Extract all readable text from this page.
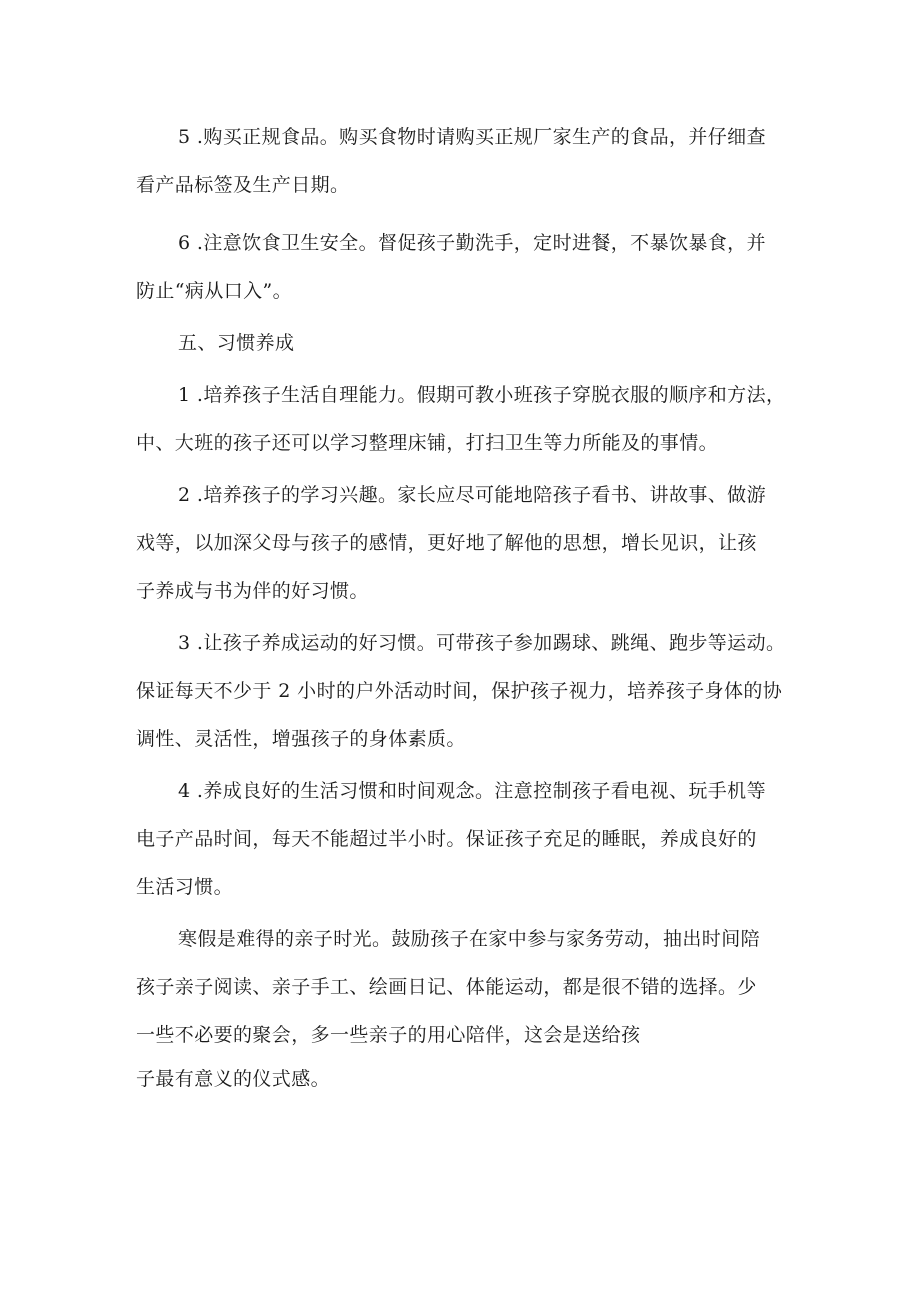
5 .购买正规食品。购买食物时请购买正规厂家生产的食品，并仔细查
看产品标签及生产日期。

6 .注意饮食卫生安全。督促孩子勤洗手，定时进餐，不暴饮暴食，并
防止“病从口入”。

五、习惯养成

1 .培养孩子生活自理能力。假期可教小班孩子穿脱衣服的顺序和方法，
中、大班的孩子还可以学习整理床铺，打扫卫生等力所能及的事情。

2 .培养孩子的学习兴趣。家长应尽可能地陪孩子看书、讲故事、做游
戏等，以加深父母与孩子的感情，更好地了解他的思想，增长见识，让孩
子养成与书为伴的好习惯。

3 .让孩子养成运动的好习惯。可带孩子参加踢球、跳绳、跑步等运动。
保证每天不少于 2 小时的户外活动时间，保护孩子视力，培养孩子身体的协
调性、灵活性，增强孩子的身体素质。

4 .养成良好的生活习惯和时间观念。注意控制孩子看电视、玩手机等
电子产品时间，每天不能超过半小时。保证孩子充足的睡眠，养成良好的
生活习惯。

寒假是难得的亲子时光。鼓励孩子在家中参与家务劳动，抽出时间陪
孩子亲子阅读、亲子手工、绘画日记、体能运动，都是很不错的选择。少
一些不必要的聚会，多一些亲子的用心陪伴，这会是送给孩
子最有意义的仪式感。
